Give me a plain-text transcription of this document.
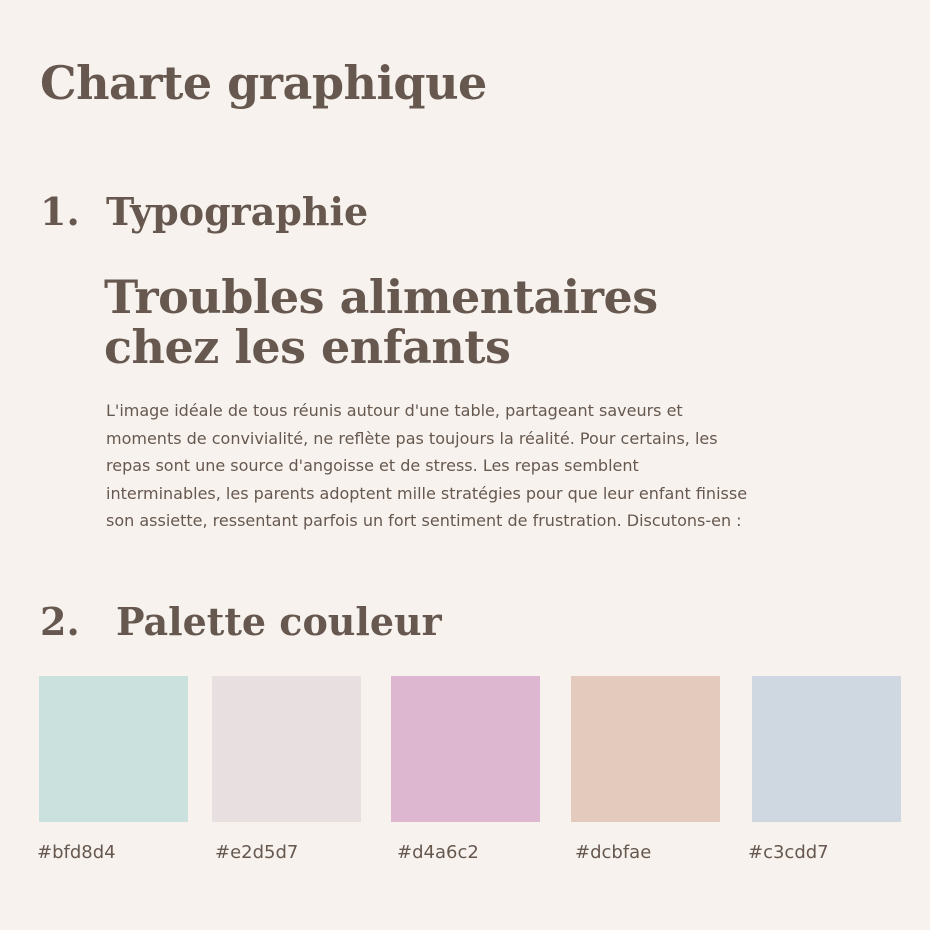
Charte graphique
1. Typographie
Troubles alimentaires
chez les enfants

L'image idéale de tous réunis autour d'une table, partageant saveurs et
moments de convivialité, ne reflète pas toujours la réalité. Pour certains, les
repas sont une source d'angoisse et de stress. Les repas semblent
interminables, les parents adoptent mille stratégies pour que leur enfant finisse
son assiette, ressentant parfois un fort sentiment de frustration. Discutons-en :

2. Palette couleur
#bfd8d4	#e2d5d7	#d4a6c2	#dcbfae	#c3cdd7
